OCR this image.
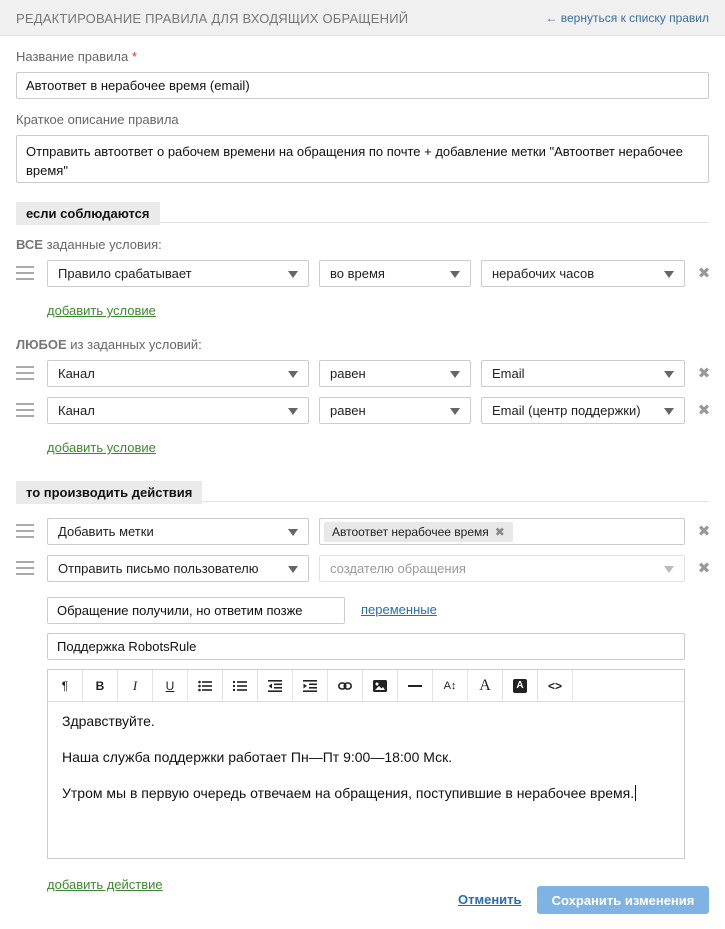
РЕДАКТИРОВАНИЕ ПРАВИЛА ДЛЯ ВХОДЯЩИХ ОБРАЩЕНИЙ	← вернуться к списку правил
Название правила *
Автоответ в нерабочее время (email)
Краткое описание правила
Отправить автоответ о рабочем времени на обращения по почте + добавление метки "Автоответ нерабочее время"
если соблюдаются
ВСЕ заданные условия:
Правило срабатывает	во время	нерабочих часов	✖
добавить условие
ЛЮБОЕ из заданных условий:
Канал	равен	Email	✖
Канал	равен	Email (центр поддержки)	✖
добавить условие
то производить действия
Добавить метки	Автоответ нерабочее время ✖	✖
Отправить письмо пользователю	создателю обращения	✖
Обращение получили, но ответим позже	переменные
Поддержка RobotsRule
¶	B	I	U	A↕	A	A	<>

Здравствуйте.

Наша служба поддержки работает Пн—Пт 9:00—18:00 Мск.

Утром мы в первую очередь отвечаем на обращения, поступившие в нерабочее время.

добавить действие
Отменить	Сохранить изменения
